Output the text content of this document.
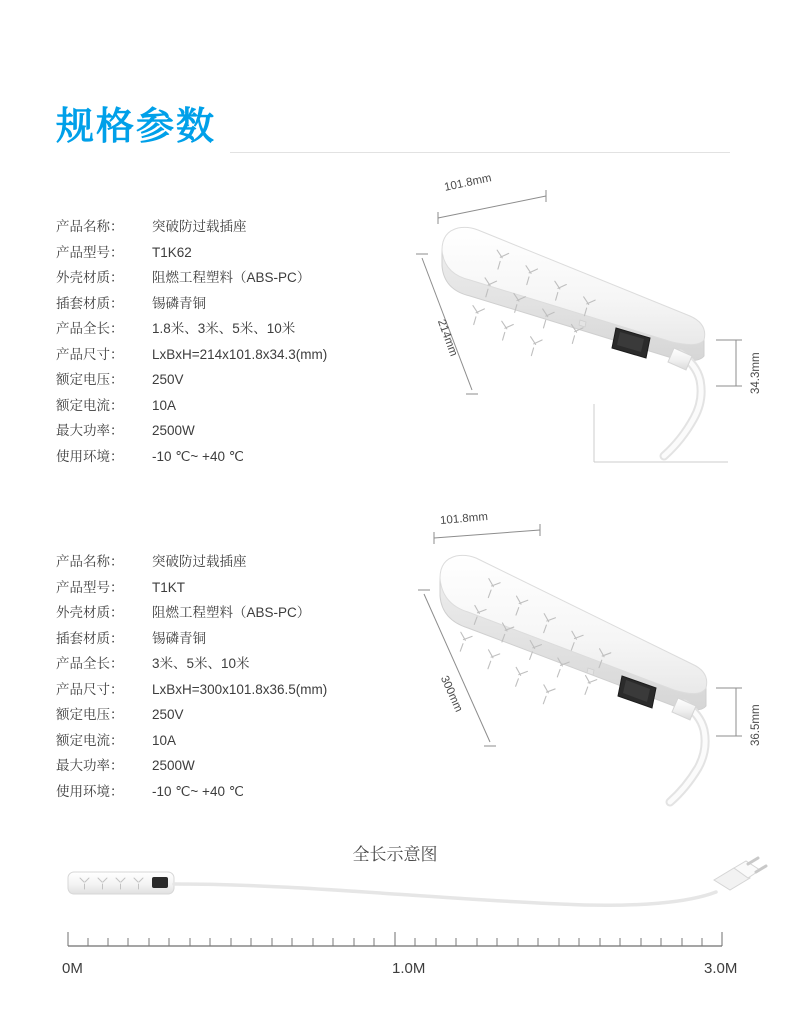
规格参数
产品名称：	突破防过载插座
产品型号：	T1K62
外壳材质：	阻燃工程塑料（ABS-PC）
插套材质：	锡磷青铜
产品全长：	1.8米、3米、5米、10米
产品尺寸：	LxBxH=214x101.8x34.3(mm)
额定电压：	250V
额定电流：	10A
最大功率：	2500W
使用环境：	-10 ℃~ +40 ℃
101.8mm
214mm
34.3mm
产品名称：	突破防过载插座
产品型号：	T1KT
外壳材质：	阻燃工程塑料（ABS-PC）
插套材质：	锡磷青铜
产品全长：	3米、5米、10米
产品尺寸：	LxBxH=300x101.8x36.5(mm)
额定电压：	250V
额定电流：	10A
最大功率：	2500W
使用环境：	-10 ℃~ +40 ℃
101.8mm
300mm
36.5mm
全长示意图
0M	1.0M	3.0M
